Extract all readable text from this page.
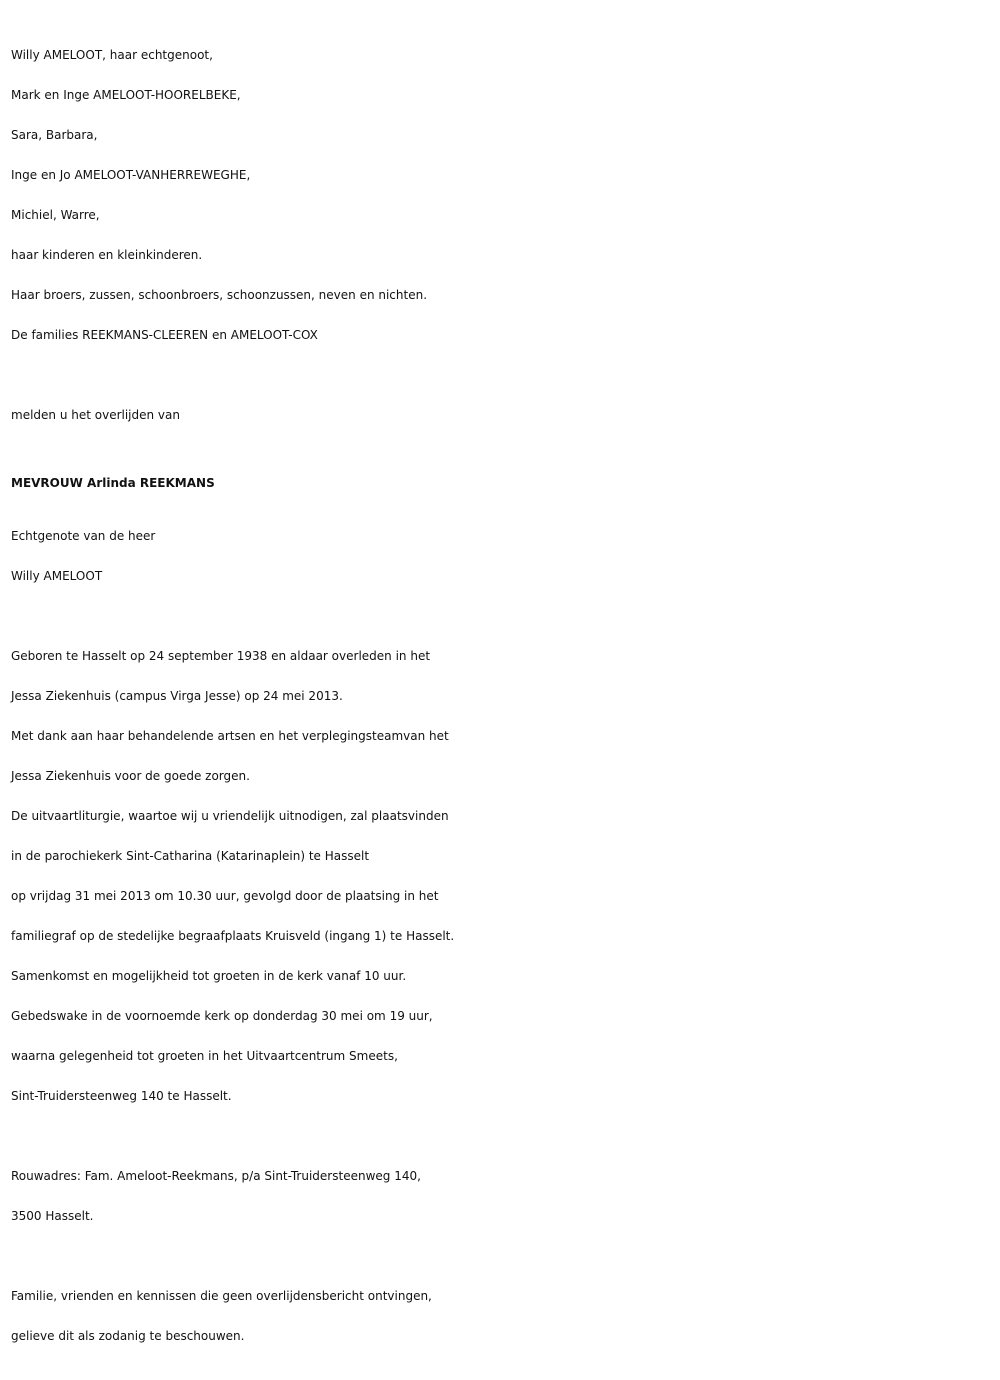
Willy AMELOOT, haar echtgenoot,
Mark en Inge AMELOOT-HOORELBEKE,
Sara, Barbara,
Inge en Jo AMELOOT-VANHERREWEGHE,
Michiel, Warre,
haar kinderen en kleinkinderen.
Haar broers, zussen, schoonbroers, schoonzussen, neven en nichten.
De families REEKMANS-CLEEREN en AMELOOT-COX
melden u het overlijden van
MEVROUW Arlinda REEKMANS
Echtgenote van de heer
Willy AMELOOT
Geboren te Hasselt op 24 september 1938 en aldaar overleden in het
Jessa Ziekenhuis (campus Virga Jesse) op 24 mei 2013.
Met dank aan haar behandelende artsen en het verplegingsteamvan het
Jessa Ziekenhuis voor de goede zorgen.
De uitvaartliturgie, waartoe wij u vriendelijk uitnodigen, zal plaatsvinden
in de parochiekerk Sint-Catharina (Katarinaplein) te Hasselt
op vrijdag 31 mei 2013 om 10.30 uur, gevolgd door de plaatsing in het
familiegraf op de stedelijke begraafplaats Kruisveld (ingang 1) te Hasselt.
Samenkomst en mogelijkheid tot groeten in de kerk vanaf 10 uur.
Gebedswake in de voornoemde kerk op donderdag 30 mei om 19 uur,
waarna gelegenheid tot groeten in het Uitvaartcentrum Smeets,
Sint-Truidersteenweg 140 te Hasselt.
Rouwadres: Fam. Ameloot-Reekmans, p/a Sint-Truidersteenweg 140,
3500 Hasselt.
Familie, vrienden en kennissen die geen overlijdensbericht ontvingen,
gelieve dit als zodanig te beschouwen.
